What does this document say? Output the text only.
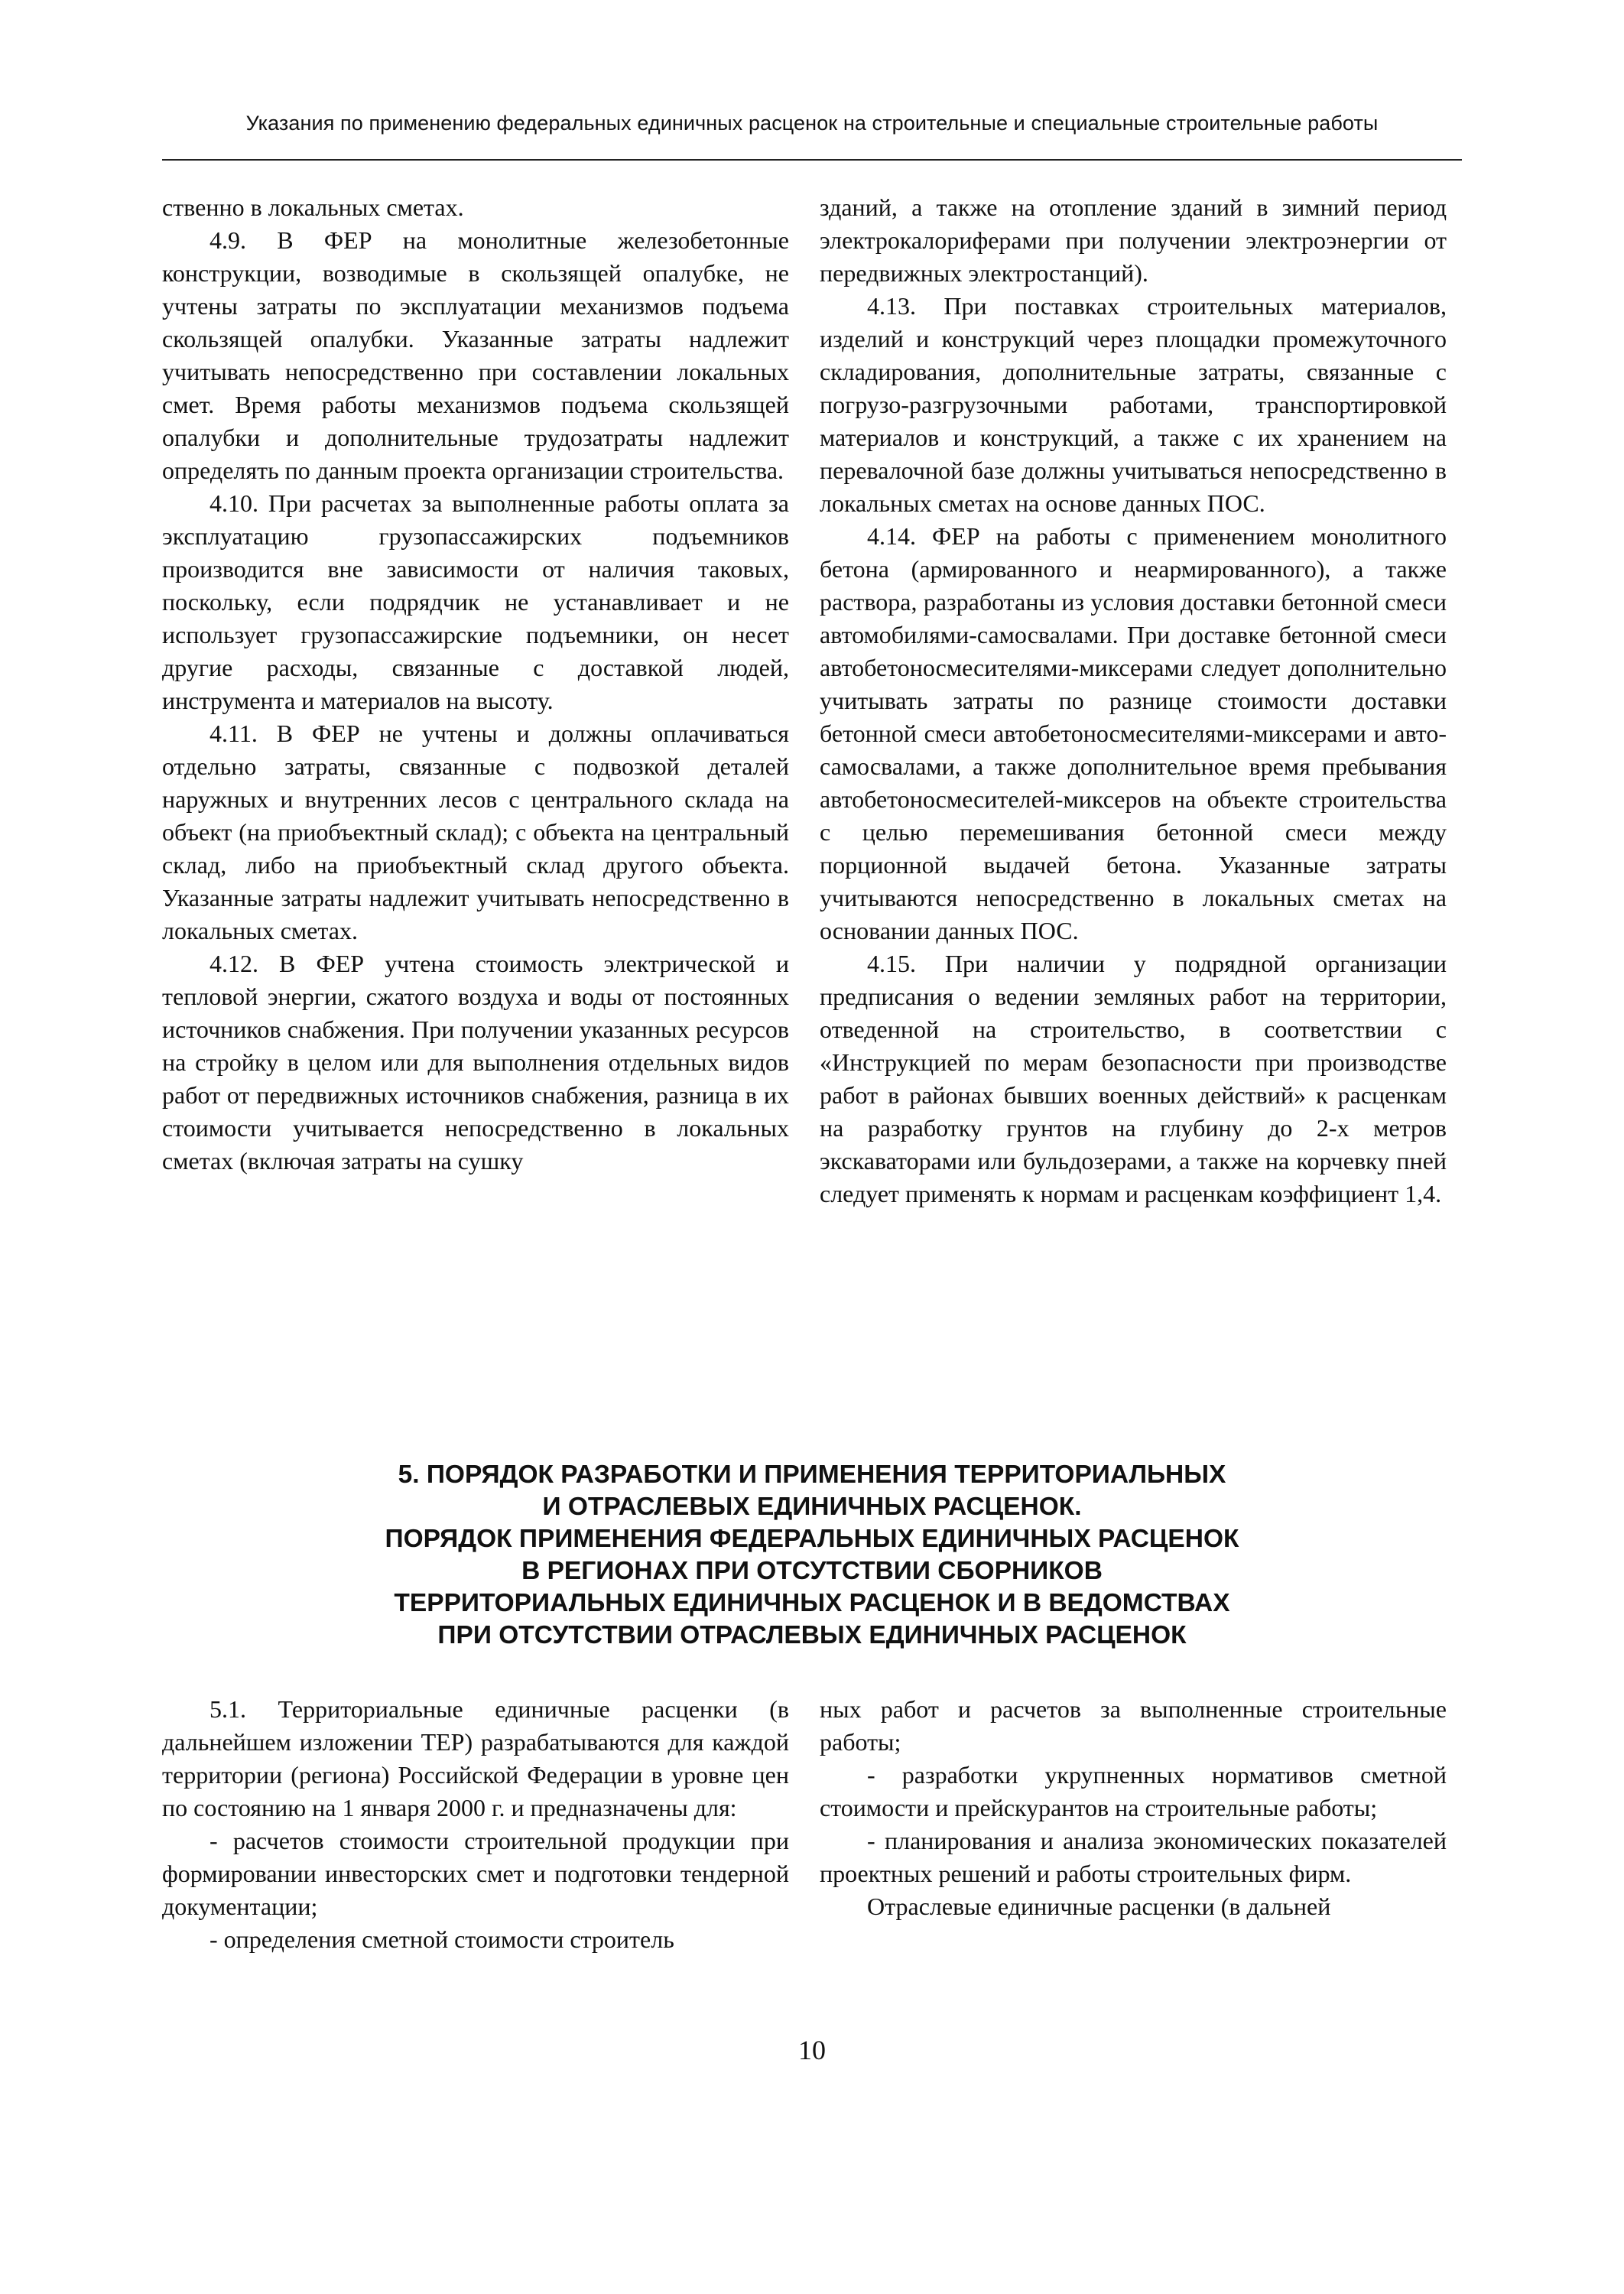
Указания по применению федеральных единичных расценок на строительные и специальные строительные работы

ственно в локальных сметах.

4.9. В ФЕР на монолитные железобетонные конструкции, возводимые в скользящей опалубке, не учтены затраты по эксплуатации механизмов подъема скользящей опалубки. Указанные затраты надлежит учитывать непосредственно при составлении локальных смет. Время работы механизмов подъема скользящей опалубки и дополнительные трудозатраты надлежит определять по данным проекта организации строительства.

4.10. При расчетах за выполненные работы оплата за эксплуатацию грузопассажирских подъемников производится вне зависимости от наличия таковых, поскольку, если подрядчик не устанавливает и не использует грузопассажирские подъемники, он несет другие расходы, связанные с доставкой людей, инструмента и материалов на высоту.

4.11. В ФЕР не учтены и должны оплачиваться отдельно затраты, связанные с подвозкой деталей наружных и внутренних лесов с центрального склада на объект (на приобъектный склад); с объекта на центральный склад, либо на приобъектный склад другого объекта. Указанные затраты надлежит учитывать непосредственно в локальных сметах.

4.12. В ФЕР учтена стоимость электрической и тепловой энергии, сжатого воздуха и воды от постоянных источников снабжения. При получении указанных ресурсов на стройку в целом или для выполнения отдельных видов работ от передвижных источников снабжения, разница в их стоимости учитывается непосредственно в локальных сметах (включая затраты на сушку

зданий, а также на отопление зданий в зимний период электрокалориферами при получении электроэнергии от передвижных электростанций).

4.13. При поставках строительных материалов, изделий и конструкций через площадки промежуточного складирования, дополнительные затраты, связанные с погрузо-разгрузочными работами, транспортировкой материалов и конструкций, а также с их хранением на перевалочной базе должны учитываться непосредственно в локальных сметах на основе данных ПОС.

4.14. ФЕР на работы с применением монолитного бетона (армированного и неармированного), а также раствора, разработаны из условия доставки бетонной смеси автомобилями-самосвалами. При доставке бетонной смеси автобетоносмесителями-миксерами следует дополнительно учитывать затраты по разнице стоимости доставки бетонной смеси автобетоносмесителями-миксерами и автосамосвалами, а также дополнительное время пребывания автобетоносмесителей-миксеров на объекте строительства с целью перемешивания бетонной смеси между порционной выдачей бетона. Указанные затраты учитываются непосредственно в локальных сметах на основании данных ПОС.

4.15. При наличии у подрядной организации предписания о ведении земляных работ на территории, отведенной на строительство, в соответствии с «Инструкцией по мерам безопасности при производстве работ в районах бывших военных действий» к расценкам на разработку грунтов на глубину до 2-х метров экскаваторами или бульдозерами, а также на корчевку пней следует применять к нормам и расценкам коэффициент 1,4.

5. ПОРЯДОК РАЗРАБОТКИ И ПРИМЕНЕНИЯ ТЕРРИТОРИАЛЬНЫХ
И ОТРАСЛЕВЫХ ЕДИНИЧНЫХ РАСЦЕНОК.
ПОРЯДОК ПРИМЕНЕНИЯ ФЕДЕРАЛЬНЫХ ЕДИНИЧНЫХ РАСЦЕНОК
В РЕГИОНАХ ПРИ ОТСУТСТВИИ СБОРНИКОВ
ТЕРРИТОРИАЛЬНЫХ ЕДИНИЧНЫХ РАСЦЕНОК И В ВЕДОМСТВАХ
ПРИ ОТСУТСТВИИ ОТРАСЛЕВЫХ ЕДИНИЧНЫХ РАСЦЕНОК

5.1. Территориальные единичные расценки (в дальнейшем изложении ТЕР) разрабатываются для каждой территории (региона) Российской Федерации в уровне цен по состоянию на 1 января 2000 г. и предназначены для:

- расчетов стоимости строительной продукции при формировании инвесторских смет и подготовки тендерной документации;

- определения сметной стоимости строитель

ных работ и расчетов за выполненные строительные работы;

- разработки укрупненных нормативов сметной стоимости и прейскурантов на строительные работы;

- планирования и анализа экономических показателей проектных решений и работы строительных фирм.

Отраслевые единичные расценки (в дальней

10
